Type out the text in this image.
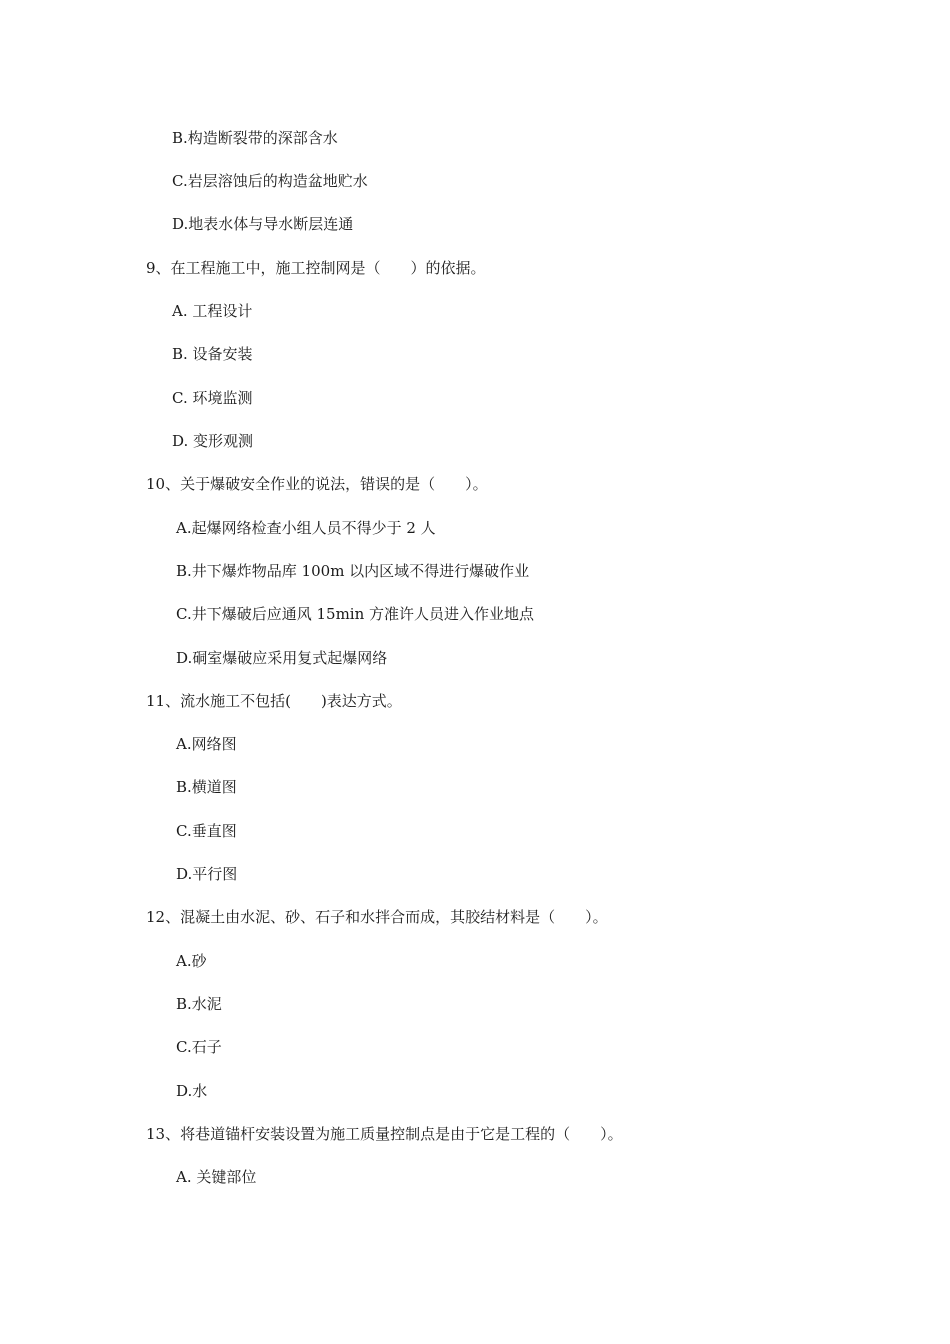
B.构造断裂带的深部含水
C.岩层溶蚀后的构造盆地贮水
D.地表水体与导水断层连通
9、在工程施工中，施工控制网是（　　）的依据。
A. 工程设计
B. 设备安装
C. 环境监测
D. 变形观测
10、关于爆破安全作业的说法，错误的是（　　）。
A.起爆网络检查小组人员不得少于 2 人
B.井下爆炸物品库 100m 以内区域不得进行爆破作业
C.井下爆破后应通风 15min 方准许人员进入作业地点
D.硐室爆破应采用复式起爆网络
11、流水施工不包括(　　)表达方式。
A.网络图
B.横道图
C.垂直图
D.平行图
12、混凝土由水泥、砂、石子和水拌合而成，其胶结材料是（　　）。
A.砂
B.水泥
C.石子
D.水
13、将巷道锚杆安装设置为施工质量控制点是由于它是工程的（　　）。
A. 关键部位
